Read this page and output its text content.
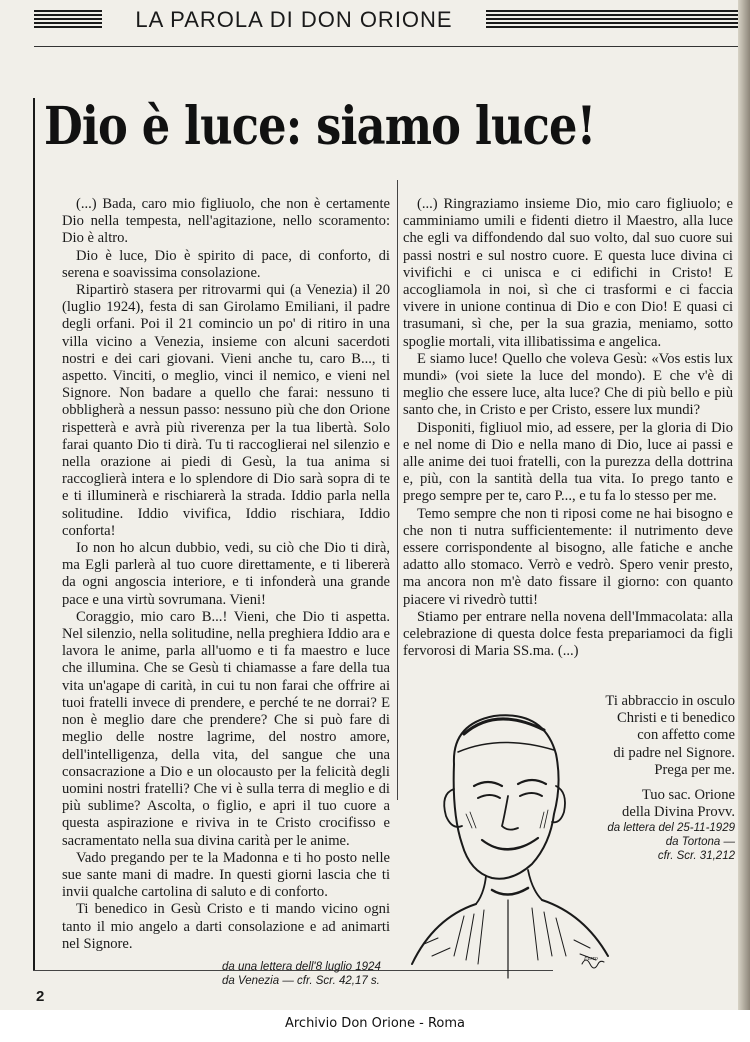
LA PAROLA DI DON ORIONE
Dio è luce: siamo luce!

(...) Bada, caro mio figliuolo, che non è certamente Dio nella tempesta, nell'agitazione, nello scoramento: Dio è altro.

Dio è luce, Dio è spirito di pace, di conforto, di serena e soavissima consolazione.

Ripartirò stasera per ritrovarmi qui (a Venezia) il 20 (luglio 1924), festa di san Girolamo Emiliani, il padre degli orfani. Poi il 21 comincio un po' di ritiro in una villa vicino a Venezia, insieme con alcuni sacerdoti nostri e dei cari giovani. Vieni anche tu, caro B..., ti aspetto. Vinciti, o meglio, vinci il nemico, e vieni nel Signore. Non badare a quello che farai: nessuno ti obbligherà a nessun passo: nessuno più che don Orione rispetterà e avrà più riverenza per la tua libertà. Solo farai quanto Dio ti dirà. Tu ti raccoglierai nel silenzio e nella orazione ai piedi di Gesù, la tua anima si raccoglierà intera e lo splendore di Dio sarà sopra di te e ti illuminerà e rischiarerà la strada. Iddio parla nella solitudine. Iddio vivifica, Iddio rischiara, Iddio conforta!

Io non ho alcun dubbio, vedi, su ciò che Dio ti dirà, ma Egli parlerà al tuo cuore direttamente, e ti libererà da ogni angoscia interiore, e ti infonderà una grande pace e una virtù sovrumana. Vieni!

Coraggio, mio caro B...! Vieni, che Dio ti aspetta. Nel silenzio, nella solitudine, nella preghiera Iddio ara e lavora le anime, parla all'uomo e ti fa maestro e luce che illumina. Che se Gesù ti chiamasse a fare della tua vita un'agape di carità, in cui tu non farai che offrire ai tuoi fratelli invece di prendere, e perché te ne dorrai? E non è meglio dare che prendere? Che si può fare di meglio delle nostre lagrime, del nostro amore, dell'intelligenza, della vita, del sangue che una consacrazione a Dio e un olocausto per la felicità degli uomini nostri fratelli? Che vi è sulla terra di meglio e di più sublime? Ascolta, o figlio, e apri il tuo cuore a questa aspirazione e riviva in te Cristo crocifisso e sacramentato nella sua divina carità per le anime.

Vado pregando per te la Madonna e ti ho posto nelle sue sante mani di madre. In questi giorni lascia che ti invii qualche cartolina di saluto e di conforto.

Ti benedico in Gesù Cristo e ti mando vicino ogni tanto il mio angelo a darti consolazione e ad animarti nel Signore.

da una lettera dell'8 luglio 1924
da Venezia — cfr. Scr. 42,17 s.

(...) Ringraziamo insieme Dio, mio caro figliuolo; e camminiamo umili e fidenti dietro il Maestro, alla luce che egli va diffondendo dal suo volto, dal suo cuore sui passi nostri e sul nostro cuore. E questa luce divina ci vivifichi e ci unisca e ci edifichi in Cristo! E accogliamola in noi, sì che ci trasformi e ci faccia vivere in unione continua di Dio e con Dio! E quasi ci trasumani, sì che, per la sua grazia, meniamo, sotto spoglie mortali, vita illibatissima e angelica.

E siamo luce! Quello che voleva Gesù: «Vos estis lux mundi» (voi siete la luce del mondo). E che v'è di meglio che essere luce, alta luce? Che di più bello e più santo che, in Cristo e per Cristo, essere lux mundi?

Disponiti, figliuol mio, ad essere, per la gloria di Dio e nel nome di Dio e nella mano di Dio, luce ai passi e alle anime dei tuoi fratelli, con la purezza della dottrina e, più, con la santità della tua vita. Io prego tanto e prego sempre per te, caro P..., e tu fa lo stesso per me.

Temo sempre che non ti riposi come ne hai bisogno e che non ti nutra sufficientemente: il nutrimento deve essere corrispondente al bisogno, alle fatiche e anche adatto allo stomaco. Verrò e vedrò. Spero venir presto, ma ancora non m'è dato fissare il giorno: con quanto piacere vi rivedrò tutti!

Stiamo per entrare nella novena dell'Immacolata: alla celebrazione di questa dolce festa prepariamoci da figli fervorosi di Maria SS.ma. (...)

Ferro
Ti abbraccio in osculo
Christi e ti benedico
con affetto come
di padre nel Signore.
Prega per me.
Tuo sac. Orione
della Divina Provv.
da lettera del 25-11-1929
da Tortona —
cfr. Scr. 31,212
2
Archivio Don Orione - Roma
